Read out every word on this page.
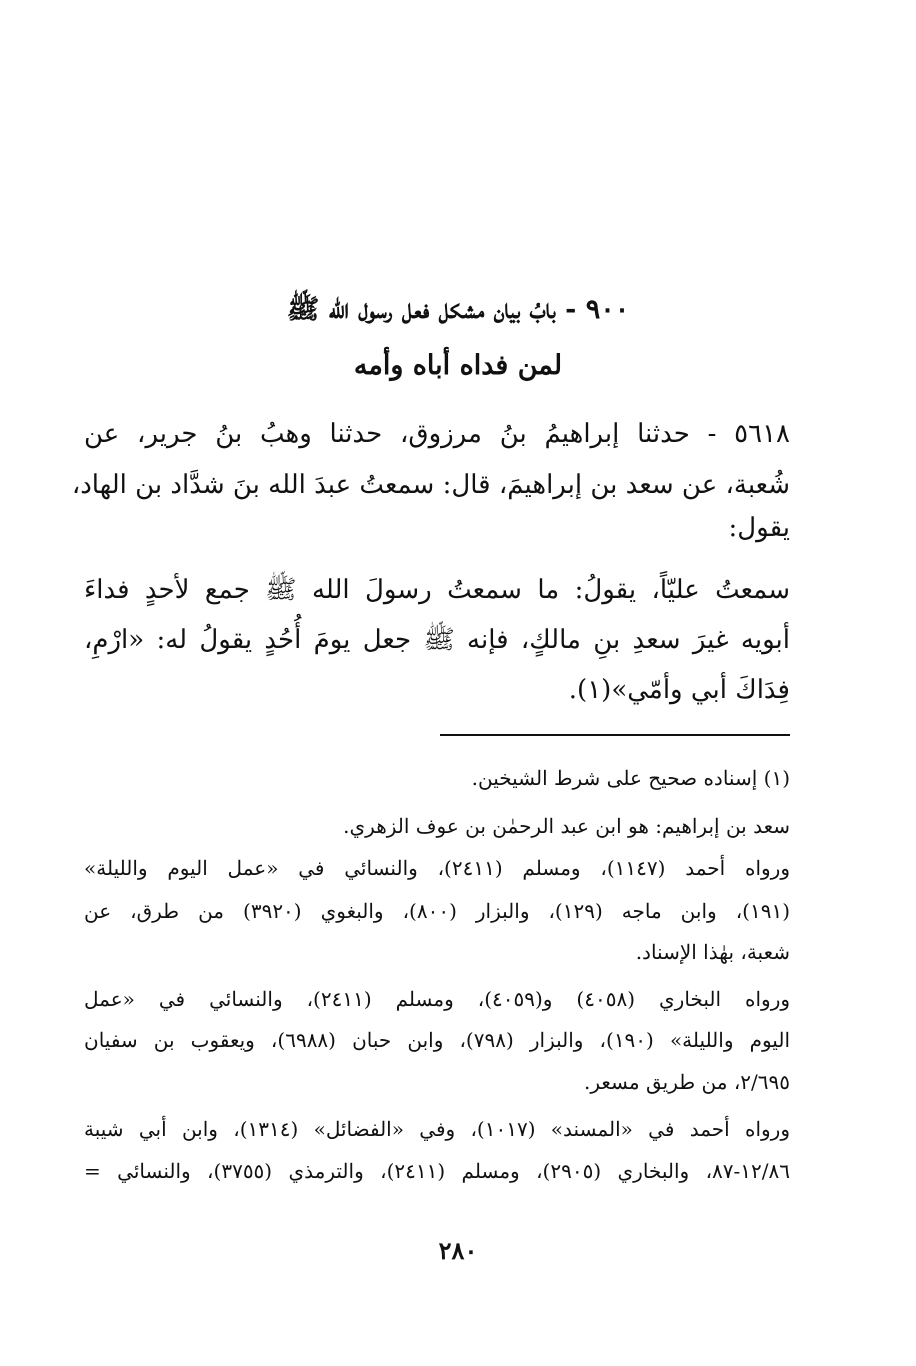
٩٠٠ - بابُ بيان مشكل فعل رسول الله ﷺ
لمن فداه أباه وأمه
٥٦١٨ - حدثنا إبراهيمُ بنُ مرزوق، حدثنا وهبُ بنُ جرير، عن
شُعبة، عن سعد بن إبراهيمَ، قال: سمعتُ عبدَ الله بنَ شدَّاد بن الهاد،
يقول:
سمعتُ عليّاً، يقولُ: ما سمعتُ رسولَ الله ﷺ جمع لأحدٍ فداءَ
أبويه غيرَ سعدِ بنِ مالكٍ، فإنه ﷺ جعل يومَ أُحُدٍ يقولُ له: «ارْمِ،
فِدَاكَ أبي وأمّي»(١).
(١) إسناده صحيح على شرط الشيخين.
سعد بن إبراهيم: هو ابن عبد الرحمٰن بن عوف الزهري.
ورواه أحمد (١١٤٧)، ومسلم (٢٤١١)، والنسائي في «عمل اليوم والليلة»
(١٩١)، وابن ماجه (١٢٩)، والبزار (٨٠٠)، والبغوي (٣٩٢٠) من طرق، عن
شعبة، بهٰذا الإسناد.
ورواه البخاري (٤٠٥٨) و(٤٠٥٩)، ومسلم (٢٤١١)، والنسائي في «عمل
اليوم والليلة» (١٩٠)، والبزار (٧٩٨)، وابن حبان (٦٩٨٨)، ويعقوب بن سفيان
٢/٦٩٥، من طريق مسعر.
ورواه أحمد في «المسند» (١٠١٧)، وفي «الفضائل» (١٣١٤)، وابن أبي شيبة
١٢/٨٦-٨٧، والبخاري (٢٩٠٥)، ومسلم (٢٤١١)، والترمذي (٣٧٥٥)، والنسائي =
٢٨٠
